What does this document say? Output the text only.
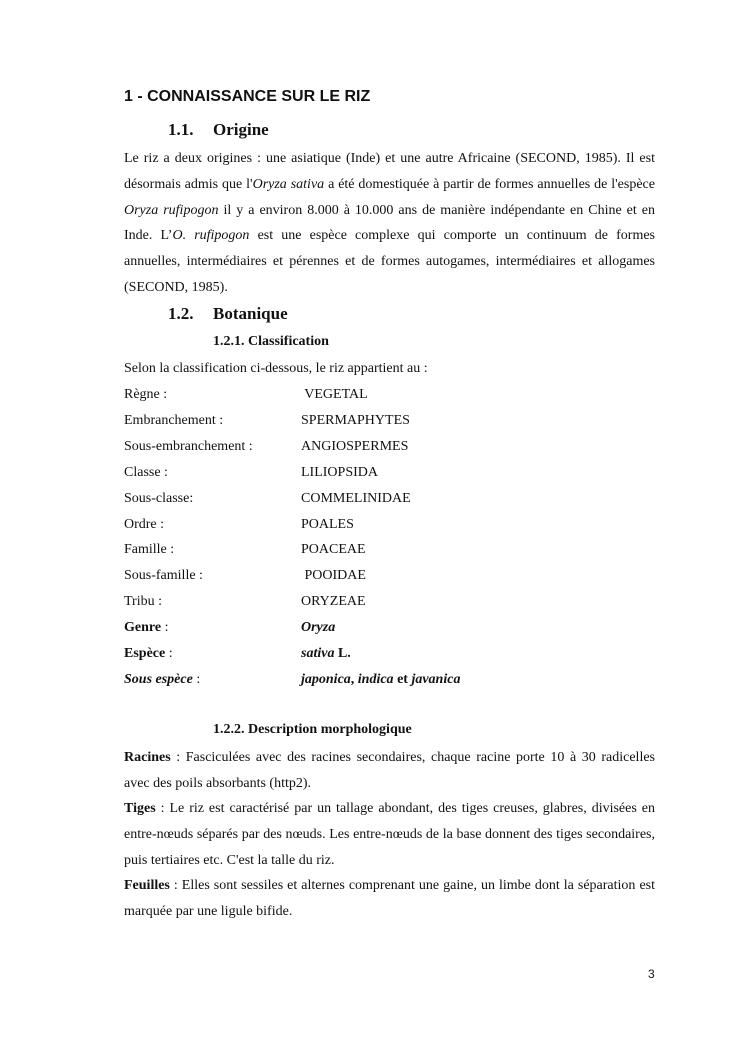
1 - CONNAISSANCE SUR LE RIZ
1.1. Origine
Le riz a deux origines : une asiatique (Inde) et une autre Africaine (SECOND, 1985). Il est désormais admis que l'Oryza sativa a été domestiquée à partir de formes annuelles de l'espèce Oryza rufipogon il y a environ 8.000 à 10.000 ans de manière indépendante en Chine et en Inde. L’O. rufipogon est une espèce complexe qui comporte un continuum de formes annuelles, intermédiaires et pérennes et de formes autogames, intermédiaires et allogames (SECOND, 1985).
1.2. Botanique
1.2.1. Classification
Selon la classification ci-dessous, le riz appartient au :
Règne :	VEGETAL
Embranchement :	SPERMAPHYTES
Sous-embranchement :	ANGIOSPERMES
Classe :	LILIOPSIDA
Sous-classe:	COMMELINIDAE
Ordre :	POALES
Famille :	POACEAE
Sous-famille :	POOIDAE
Tribu :	ORYZEAE
Genre :	Oryza
Espèce :	sativa L.
Sous espèce :	japonica, indica et javanica
1.2.2. Description morphologique
Racines : Fasciculées avec des racines secondaires, chaque racine porte 10 à 30 radicelles avec des poils absorbants (http2).
Tiges : Le riz est caractérisé par un tallage abondant, des tiges creuses, glabres, divisées en entre-nœuds séparés par des nœuds. Les entre-nœuds de la base donnent des tiges secondaires, puis tertiaires etc. C'est la talle du riz.
Feuilles : Elles sont sessiles et alternes comprenant une gaine, un limbe dont la séparation est marquée par une ligule bifide.
3
